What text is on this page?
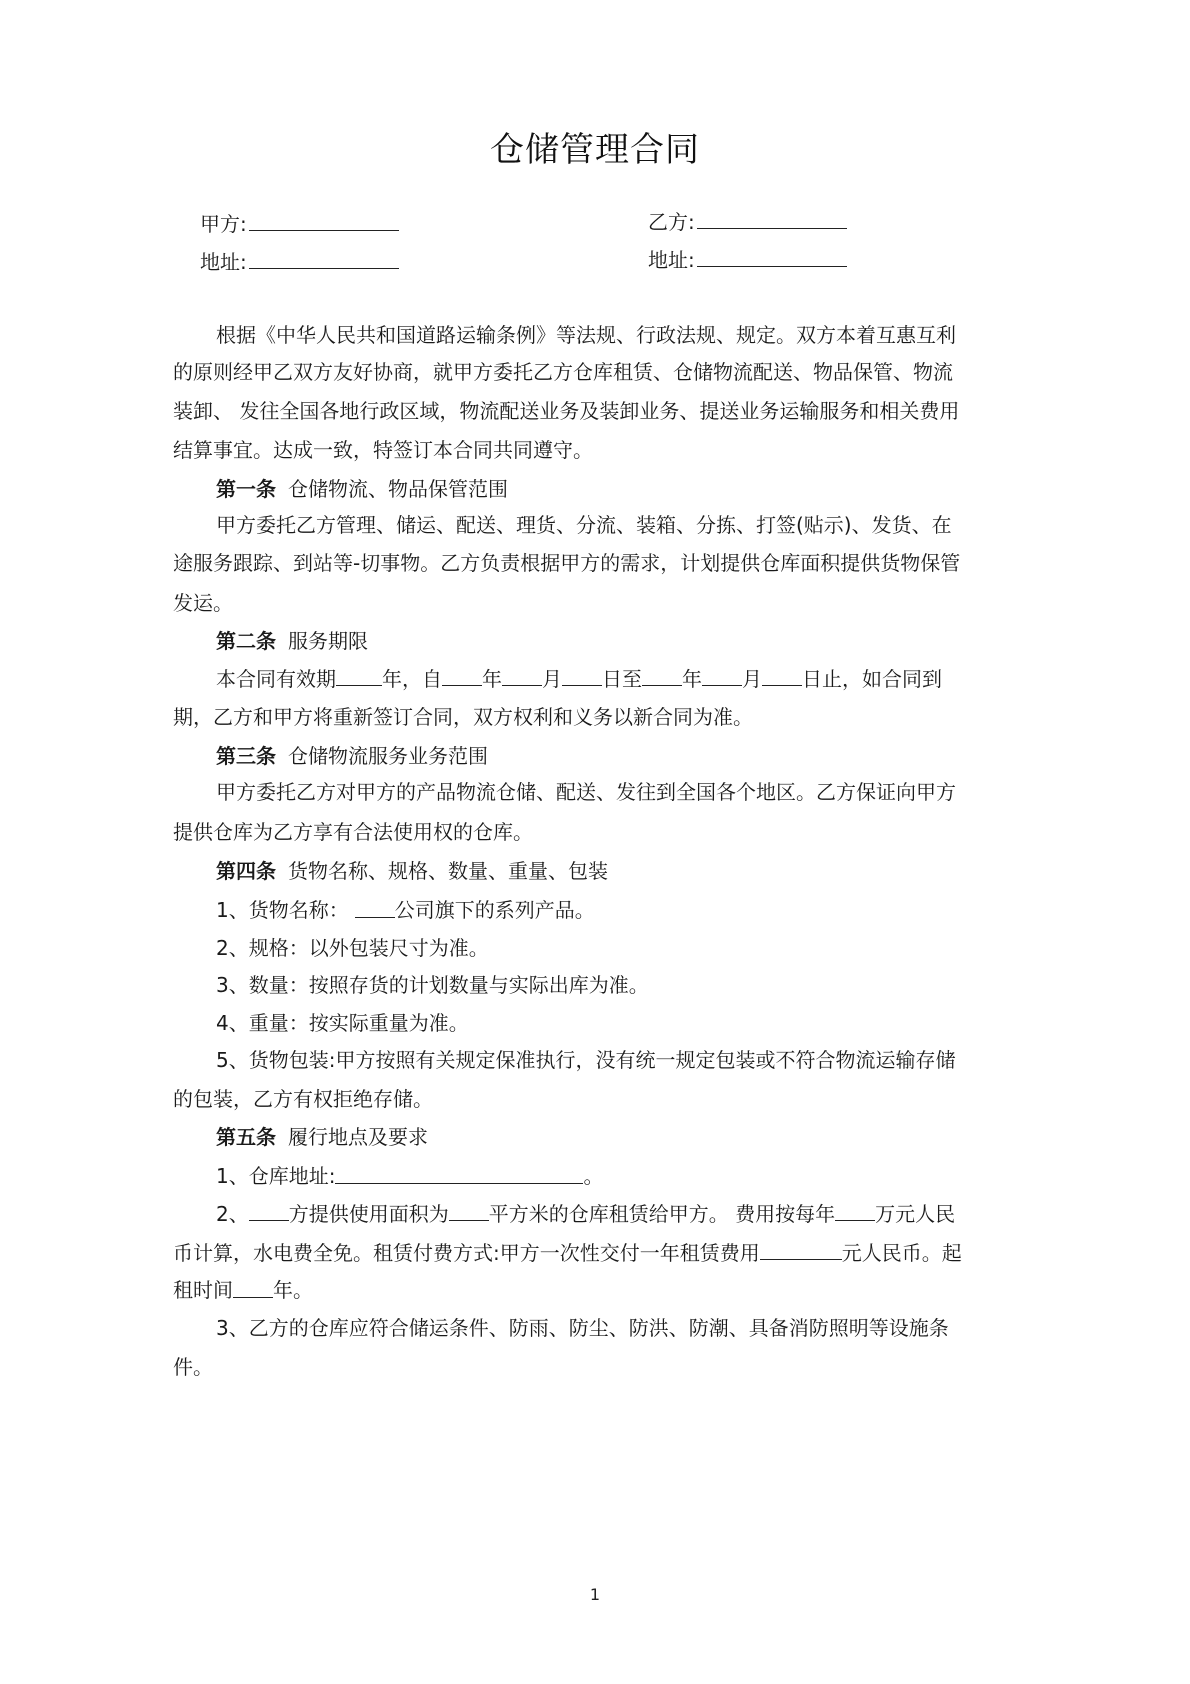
仓储管理合同
甲方:
地址:
乙方:
地址:
根据《中华人民共和国道路运输条例》等法规、行政法规、规定。双方本着互惠互利
的原则经甲乙双方友好协商，就甲方委托乙方仓库租赁、仓储物流配送、物品保管、物流
装卸、 发往全国各地行政区域，物流配送业务及装卸业务、提送业务运输服务和相关费用
结算事宜。达成一致，特签订本合同共同遵守。
第一条 仓储物流、物品保管范围
甲方委托乙方管理、储运、配送、理货、分流、装箱、分拣、打签(贴示)、发货、在
途服务跟踪、到站等-切事物。乙方负责根据甲方的需求，计划提供仓库面积提供货物保管
发运。
第二条 服务期限
本合同有效期 年，自 年 月 日至 年 月 日止，如合同到
期，乙方和甲方将重新签订合同，双方权利和义务以新合同为准。
第三条 仓储物流服务业务范围
甲方委托乙方对甲方的产品物流仓储、配送、发往到全国各个地区。乙方保证向甲方
提供仓库为乙方享有合法使用权的仓库。
第四条 货物名称、规格、数量、重量、包装
1、货物名称： 公司旗下的系列产品。
2、规格：以外包装尺寸为准。
3、数量：按照存货的计划数量与实际出库为准。
4、重量：按实际重量为准。
5、货物包装:甲方按照有关规定保准执行，没有统一规定包装或不符合物流运输存储
的包装，乙方有权拒绝存储。
第五条 履行地点及要求
1、仓库地址:	。
2、 方提供使用面积为 平方米的仓库租赁给甲方。 费用按每年 万元人民
币计算，水电费全免。租赁付费方式:甲方一次性交付一年租赁费用	元人民币。起
租时间 年。
3、乙方的仓库应符合储运条件、防雨、防尘、防洪、防潮、具备消防照明等设施条
件。
1
